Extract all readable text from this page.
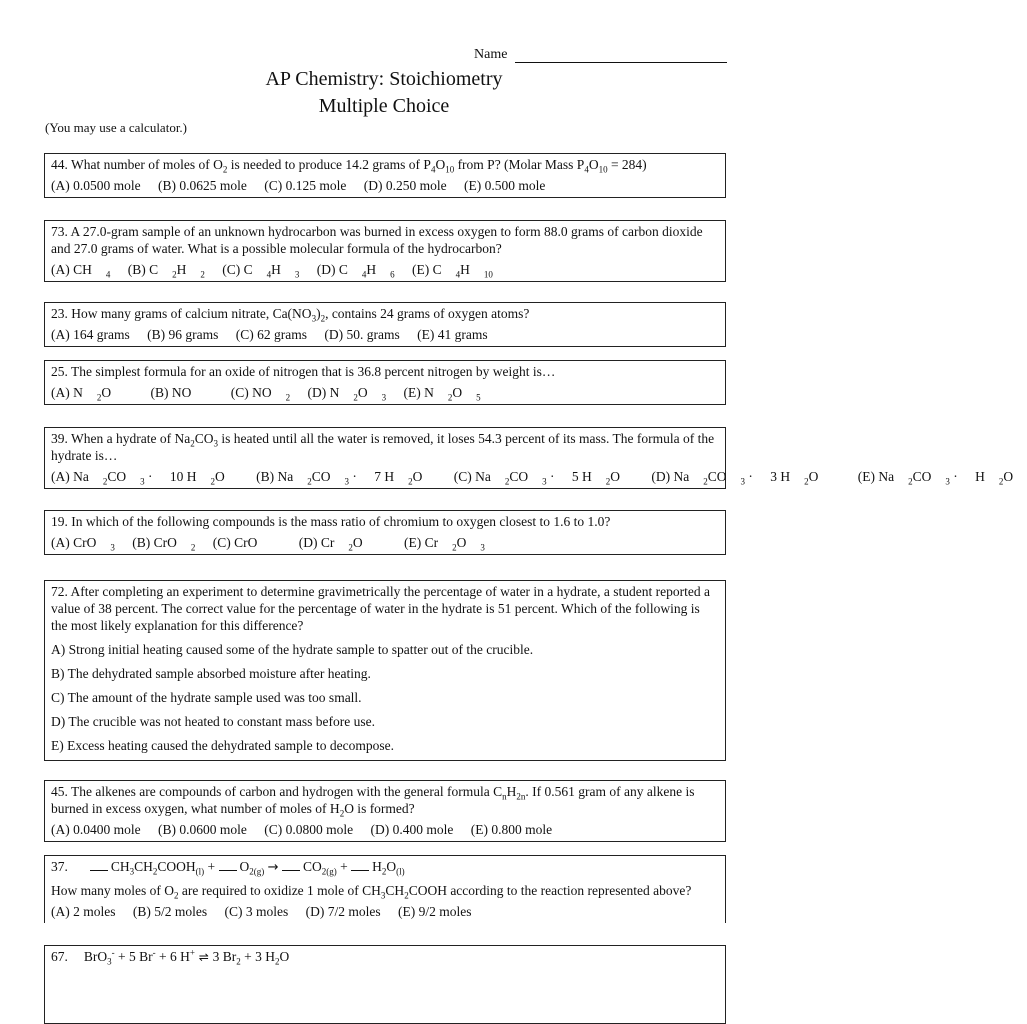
Name
AP Chemistry: Stoichiometry
Multiple Choice
(You may use a calculator.)

44. What number of moles of $O_2$ is needed to produce 14.2 grams of $P_4O_{10}$ from P? (Molar Mass $P_4O_{10} = 284$)

(A) 0.0500 mole (B) 0.0625 mole (C) 0.125 mole (D) 0.250 mole (E) 0.500 mole

73. A 27.0-gram sample of an unknown hydrocarbon was burned in excess oxygen to form 88.0 grams of carbon dioxide and 27.0 grams of water. What is a possible molecular formula of the hydrocarbon?

(A) CH $_4$ (B) C $_2$H $_2$ (C) C $_4$H $_3$ (D) C $_4$H $_6$ (E) C $_4$H $_{10}$

23. How many grams of calcium nitrate, $Ca(NO_3)_2$, contains 24 grams of oxygen atoms?

(A) 164 grams (B) 96 grams (C) 62 grams (D) 50. grams (E) 41 grams

25. The simplest formula for an oxide of nitrogen that is 36.8 percent nitrogen by weight is…

(A) N $_2$O	(B) NO	(C) NO $_2$ (D) N $_2$O $_3$ (E) N $_2$O $_5$

39. When a hydrate of $Na_2CO_3$ is heated until all the water is removed, it loses 54.3 percent of its mass. The formula of the hydrate is…

(A) Na $_2$CO $_3$ · 10 H $_2$O (B) Na $_2$CO $_3$ · 7 H $_2$O (C) Na $_2$CO $_3$ · 5 H $_2$O (D) Na $_2$CO $_3$ · 3 H $_2$O	(E) Na $_2$CO $_3$ · H $_2$O

19. In which of the following compounds is the mass ratio of chromium to oxygen closest to 1.6 to 1.0?

(A) CrO $_3$ (B) CrO $_2$ (C) CrO	(D) Cr $_2$O	(E) Cr $_2$O $_3$

72. After completing an experiment to determine gravimetrically the percentage of water in a hydrate, a student reported a value of 38 percent. The correct value for the percentage of water in the hydrate is 51 percent. Which of the following is the most likely explanation for this difference?

A) Strong initial heating caused some of the hydrate sample to spatter out of the crucible.

B) The dehydrated sample absorbed moisture after heating.

C) The amount of the hydrate sample used was too small.

D) The crucible was not heated to constant mass before use.

E) Excess heating caused the dehydrated sample to decompose.

45. The alkenes are compounds of carbon and hydrogen with the general formula $C_nH_{2n}$. If 0.561 gram of any alkene is burned in excess oxygen, what number of moles of $H_2O$ is formed?

(A) 0.0400 mole (B) 0.0600 mole (C) 0.0800 mole (D) 0.400 mole (E) 0.800 mole

37.	$CH_3CH_2COOH_{(l)} + O_{2(g)} \to CO_{2(g)} + H_2O_{(l)}$

How many moles of $O_2$ are required to oxidize 1 mole of $CH_3CH_2COOH$ according to the reaction represented above?

(A) 2 moles (B) 5/2 moles (C) 3 moles (D) 7/2 moles (E) 9/2 moles

67. BrO$_3$- + 5 Br- + 6 H+ ⇌ 3 $Br_2 + 3$ $H_2O$
